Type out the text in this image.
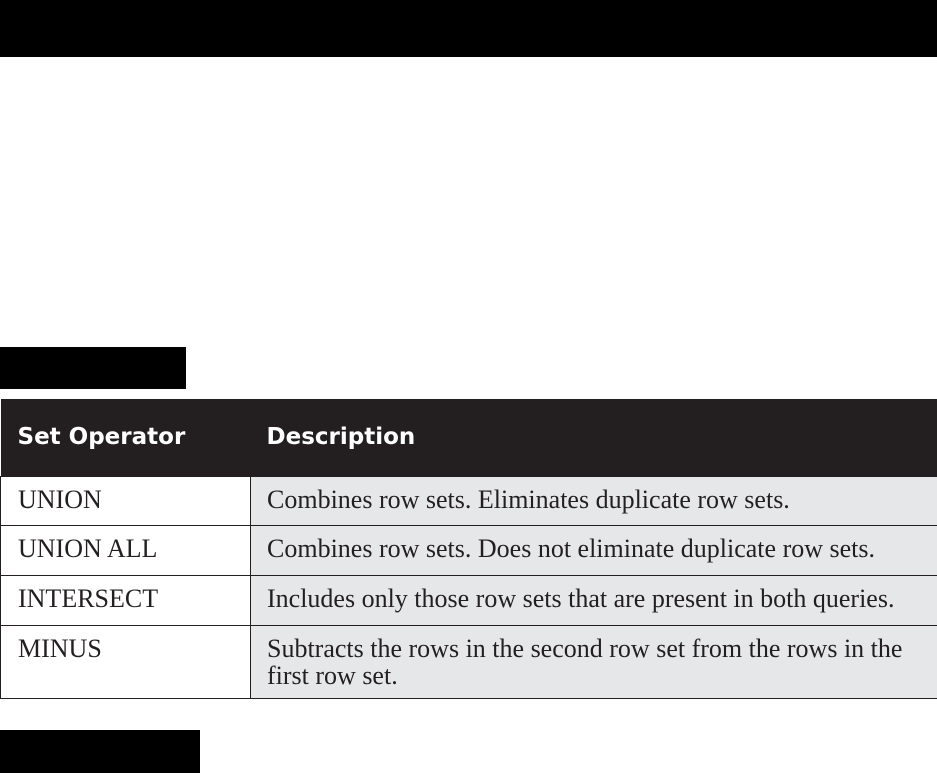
Set Operator	Description
UNION	Combines row sets. Eliminates duplicate row sets.
UNION ALL	Combines row sets. Does not eliminate duplicate row sets.
INTERSECT	Includes only those row sets that are present in both queries.
MINUS	Subtracts the rows in the second row set from the rows in the first row set.
